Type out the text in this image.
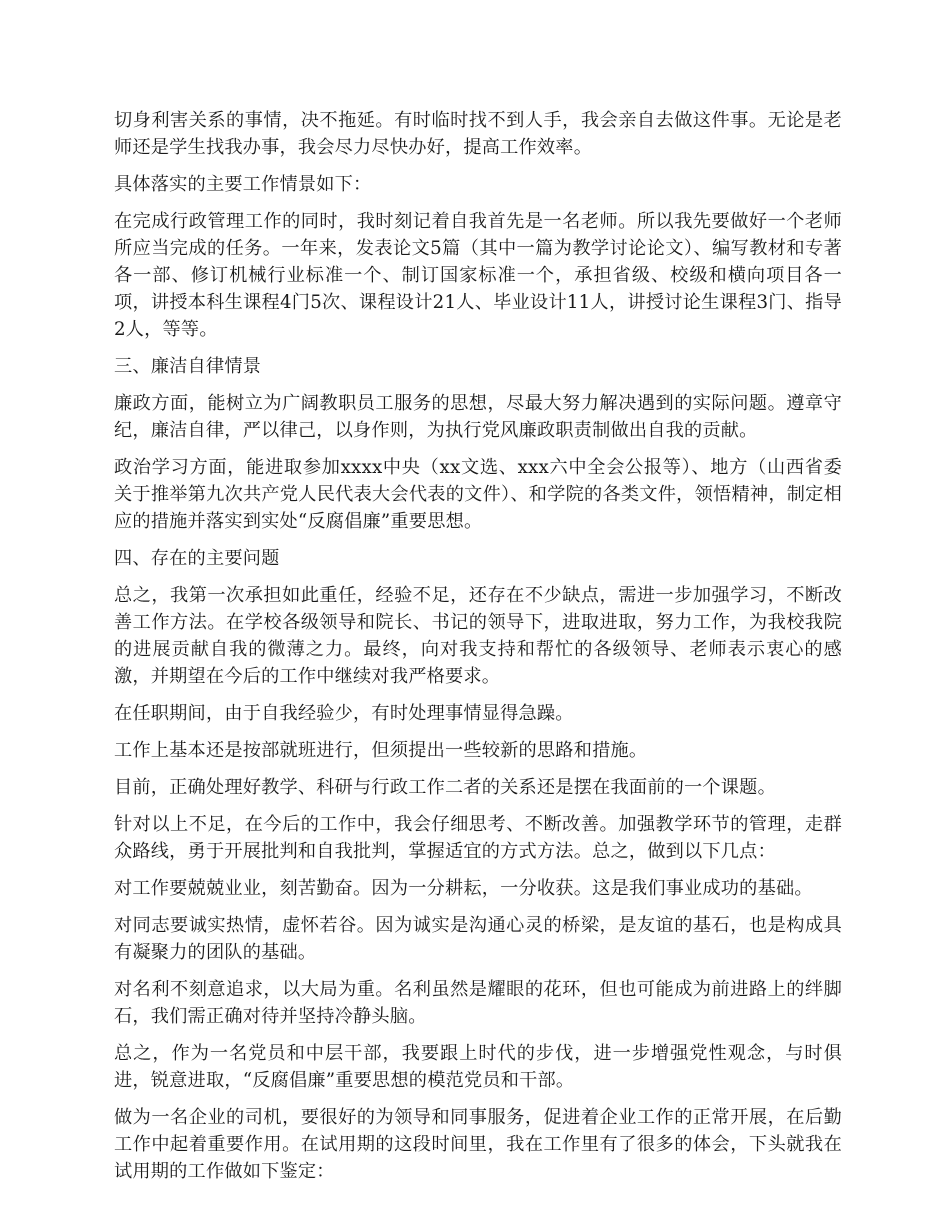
切身利害关系的事情，决不拖延。有时临时找不到人手，我会亲自去做这件事。无论是老师还是学生找我办事，我会尽力尽快办好，提高工作效率。

具体落实的主要工作情景如下：

在完成行政管理工作的同时，我时刻记着自我首先是一名老师。所以我先要做好一个老师所应当完成的任务。一年来，发表论文5篇（其中一篇为教学讨论论文）、编写教材和专著各一部、修订机械行业标准一个、制订国家标准一个，承担省级、校级和横向项目各一项，讲授本科生课程4门5次、课程设计21人、毕业设计11人，讲授讨论生课程3门、指导2人，等等。

三、廉洁自律情景

廉政方面，能树立为广阔教职员工服务的思想，尽最大努力解决遇到的实际问题。遵章守纪，廉洁自律，严以律己，以身作则，为执行党风廉政职责制做出自我的贡献。

政治学习方面，能进取参加xxxx中央（xx文选、xxx六中全会公报等）、地方（山西省委关于推举第九次共产党人民代表大会代表的文件）、和学院的各类文件，领悟精神，制定相应的措施并落实到实处“反腐倡廉”重要思想。

四、存在的主要问题

总之，我第一次承担如此重任，经验不足，还存在不少缺点，需进一步加强学习，不断改善工作方法。在学校各级领导和院长、书记的领导下，进取进取，努力工作，为我校我院的进展贡献自我的微薄之力。最终，向对我支持和帮忙的各级领导、老师表示衷心的感激，并期望在今后的工作中继续对我严格要求。

在任职期间，由于自我经验少，有时处理事情显得急躁。

工作上基本还是按部就班进行，但须提出一些较新的思路和措施。

目前，正确处理好教学、科研与行政工作二者的关系还是摆在我面前的一个课题。

针对以上不足，在今后的工作中，我会仔细思考、不断改善。加强教学环节的管理，走群众路线，勇于开展批判和自我批判，掌握适宜的方式方法。总之，做到以下几点：

对工作要兢兢业业，刻苦勤奋。因为一分耕耘，一分收获。这是我们事业成功的基础。

对同志要诚实热情，虚怀若谷。因为诚实是沟通心灵的桥梁，是友谊的基石，也是构成具有凝聚力的团队的基础。

对名利不刻意追求，以大局为重。名利虽然是耀眼的花环，但也可能成为前进路上的绊脚石，我们需正确对待并坚持冷静头脑。

总之，作为一名党员和中层干部，我要跟上时代的步伐，进一步增强党性观念，与时俱进，锐意进取，“反腐倡廉”重要思想的模范党员和干部。

做为一名企业的司机，要很好的为领导和同事服务，促进着企业工作的正常开展，在后勤工作中起着重要作用。在试用期的这段时间里，我在工作里有了很多的体会，下头就我在试用期的工作做如下鉴定：
